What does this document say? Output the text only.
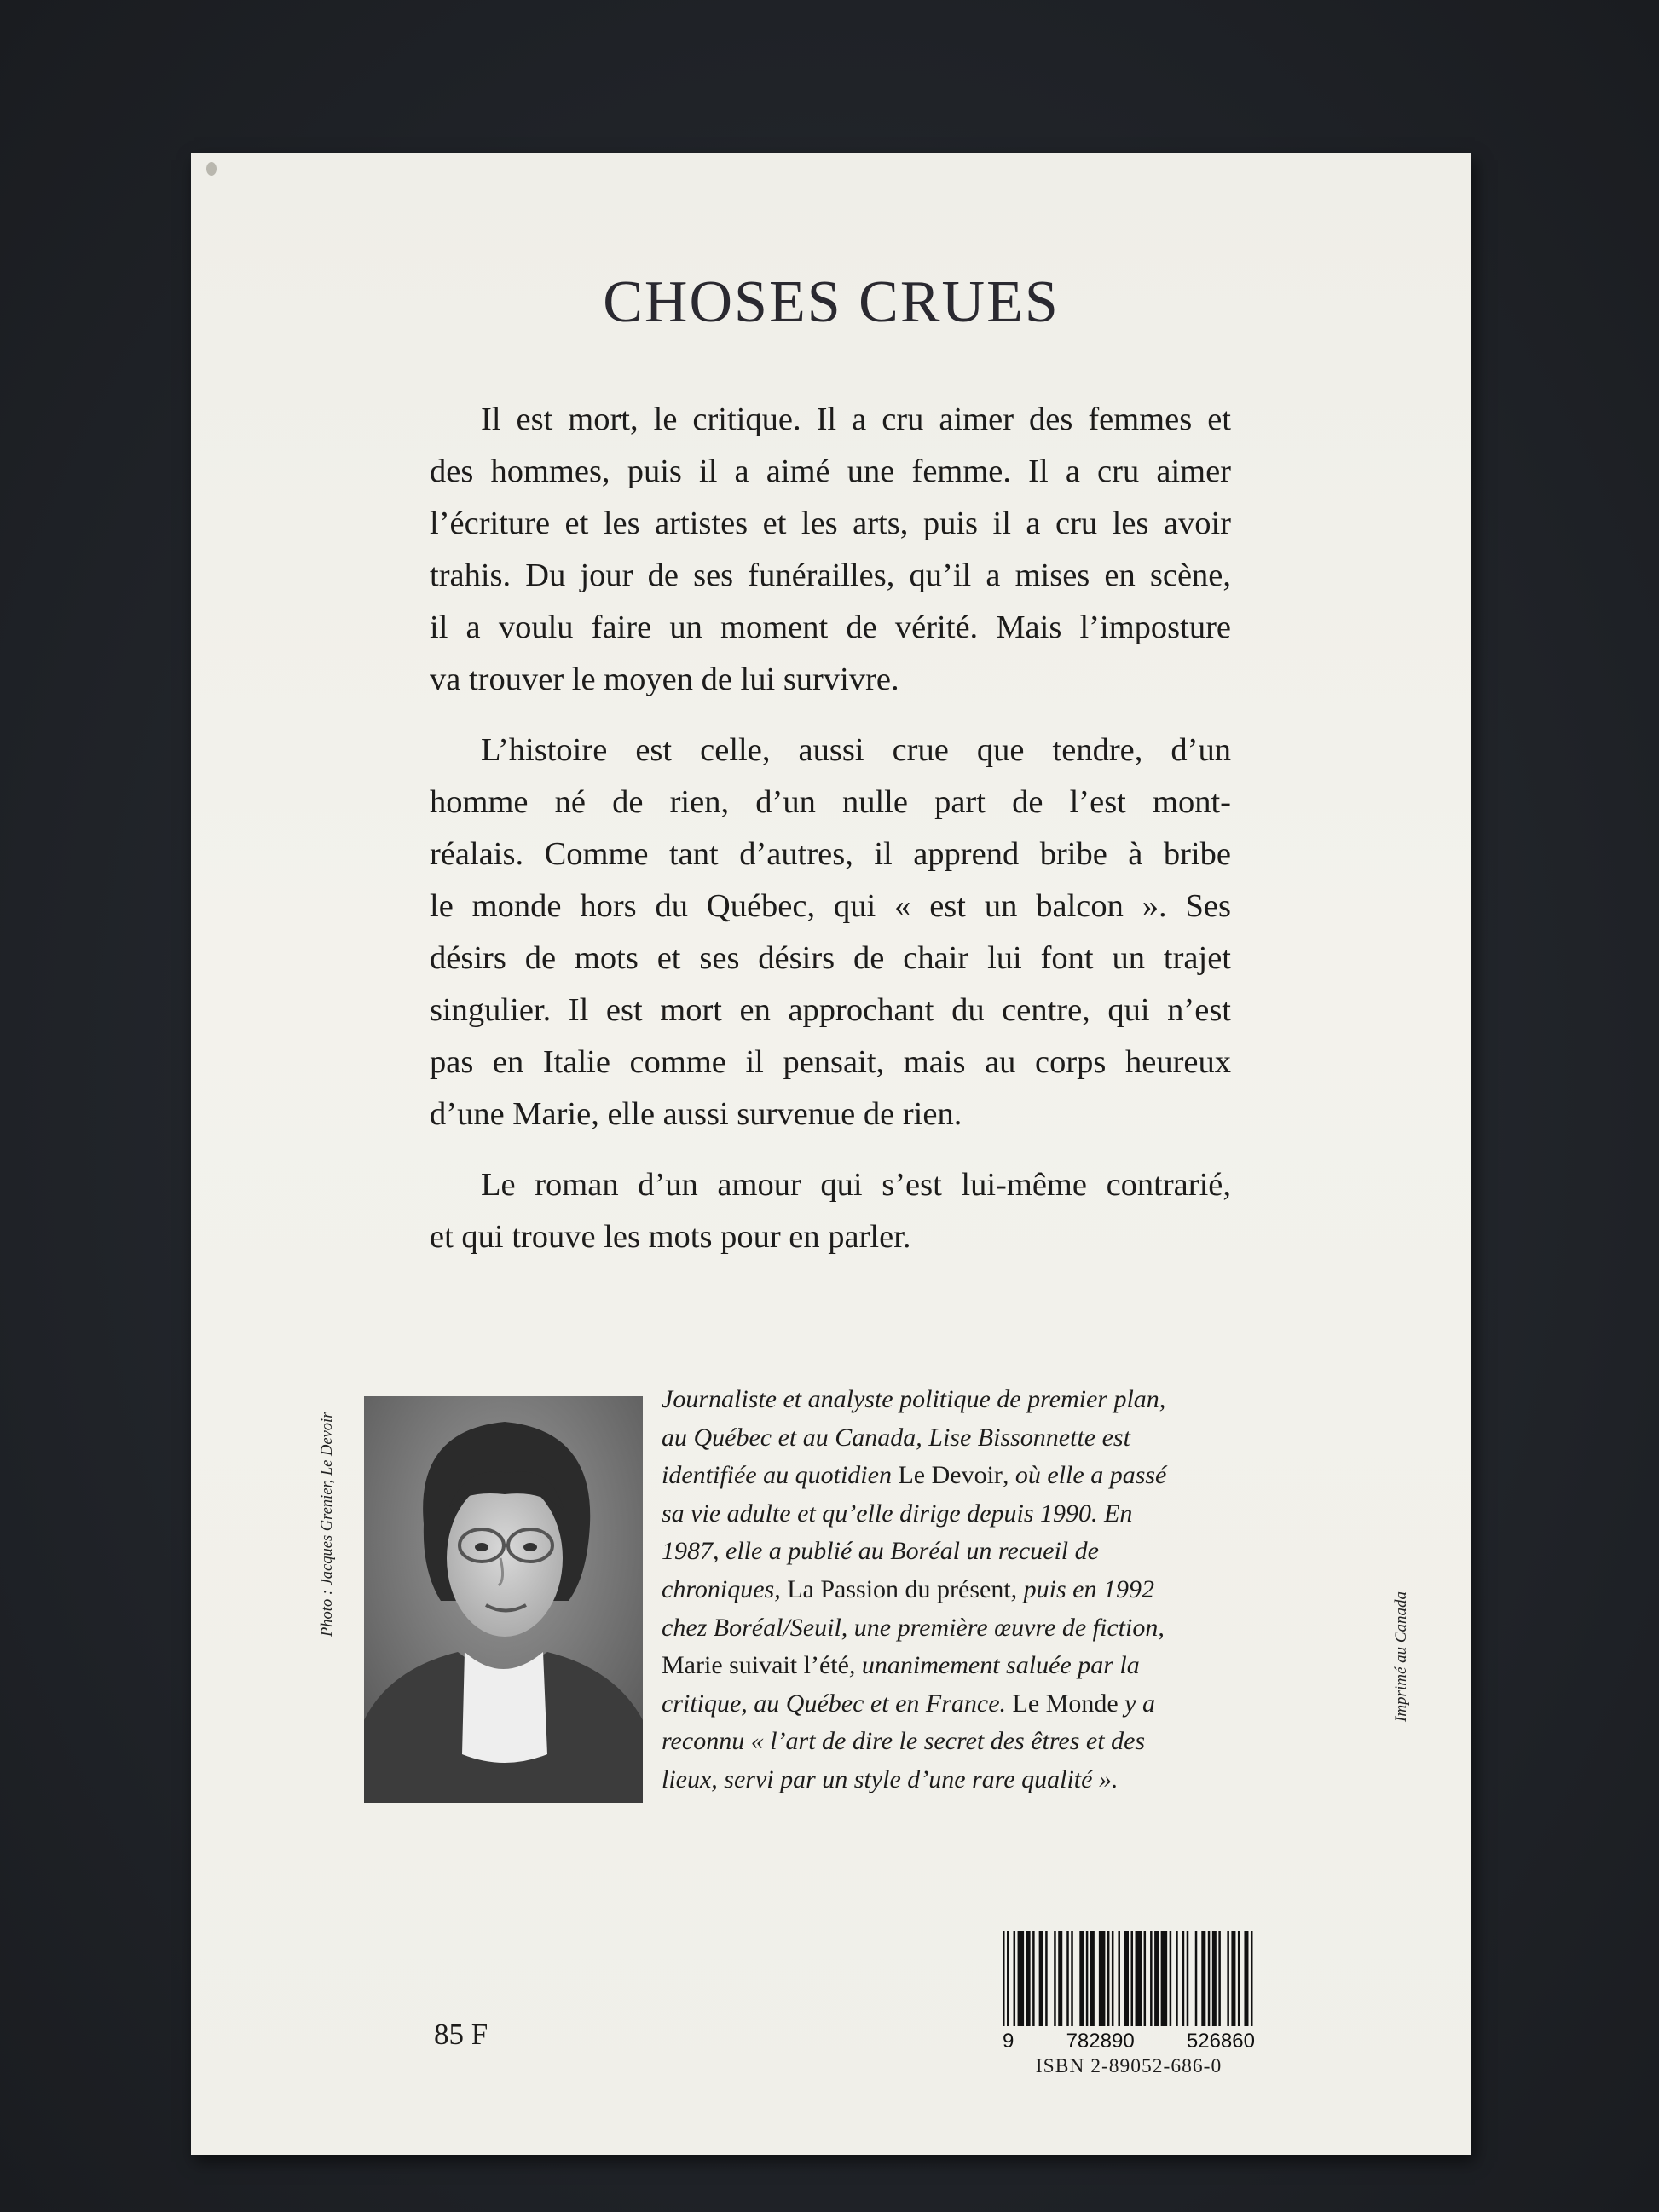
CHOSES CRUES

Il est mort, le critique. Il a cru aimer des femmes et
des hommes, puis il a aimé une femme. Il a cru aimer
l’écriture et les artistes et les arts, puis il a cru les avoir
trahis. Du jour de ses funérailles, qu’il a mises en scène,
il a voulu faire un moment de vérité. Mais l’imposture
va trouver le moyen de lui survivre.

L’histoire est celle, aussi crue que tendre, d’un
homme né de rien, d’un nulle part de l’est mont-
réalais. Comme tant d’autres, il apprend bribe à bribe
le monde hors du Québec, qui « est un balcon ». Ses
désirs de mots et ses désirs de chair lui font un trajet
singulier. Il est mort en approchant du centre, qui n’est
pas en Italie comme il pensait, mais au corps heureux
d’une Marie, elle aussi survenue de rien.

Le roman d’un amour qui s’est lui-même contrarié,
et qui trouve les mots pour en parler.

Photo : Jacques Grenier, Le Devoir

Journaliste et analyste politique de premier plan,
au Québec et au Canada, Lise Bissonnette est
identifiée au quotidien Le Devoir, où elle a passé
sa vie adulte et qu’elle dirige depuis 1990. En
1987, elle a publié au Boréal un recueil de
chroniques, La Passion du présent, puis en 1992
chez Boréal/Seuil, une première œuvre de fiction,
Marie suivait l’été, unanimement saluée par la
critique, au Québec et en France. Le Monde y a
reconnu « l’art de dire le secret des êtres et des
lieux, servi par un style d’une rare qualité ».

Imprimé au Canada
9	782890	526860
ISBN 2-89052-686-0
85 F
